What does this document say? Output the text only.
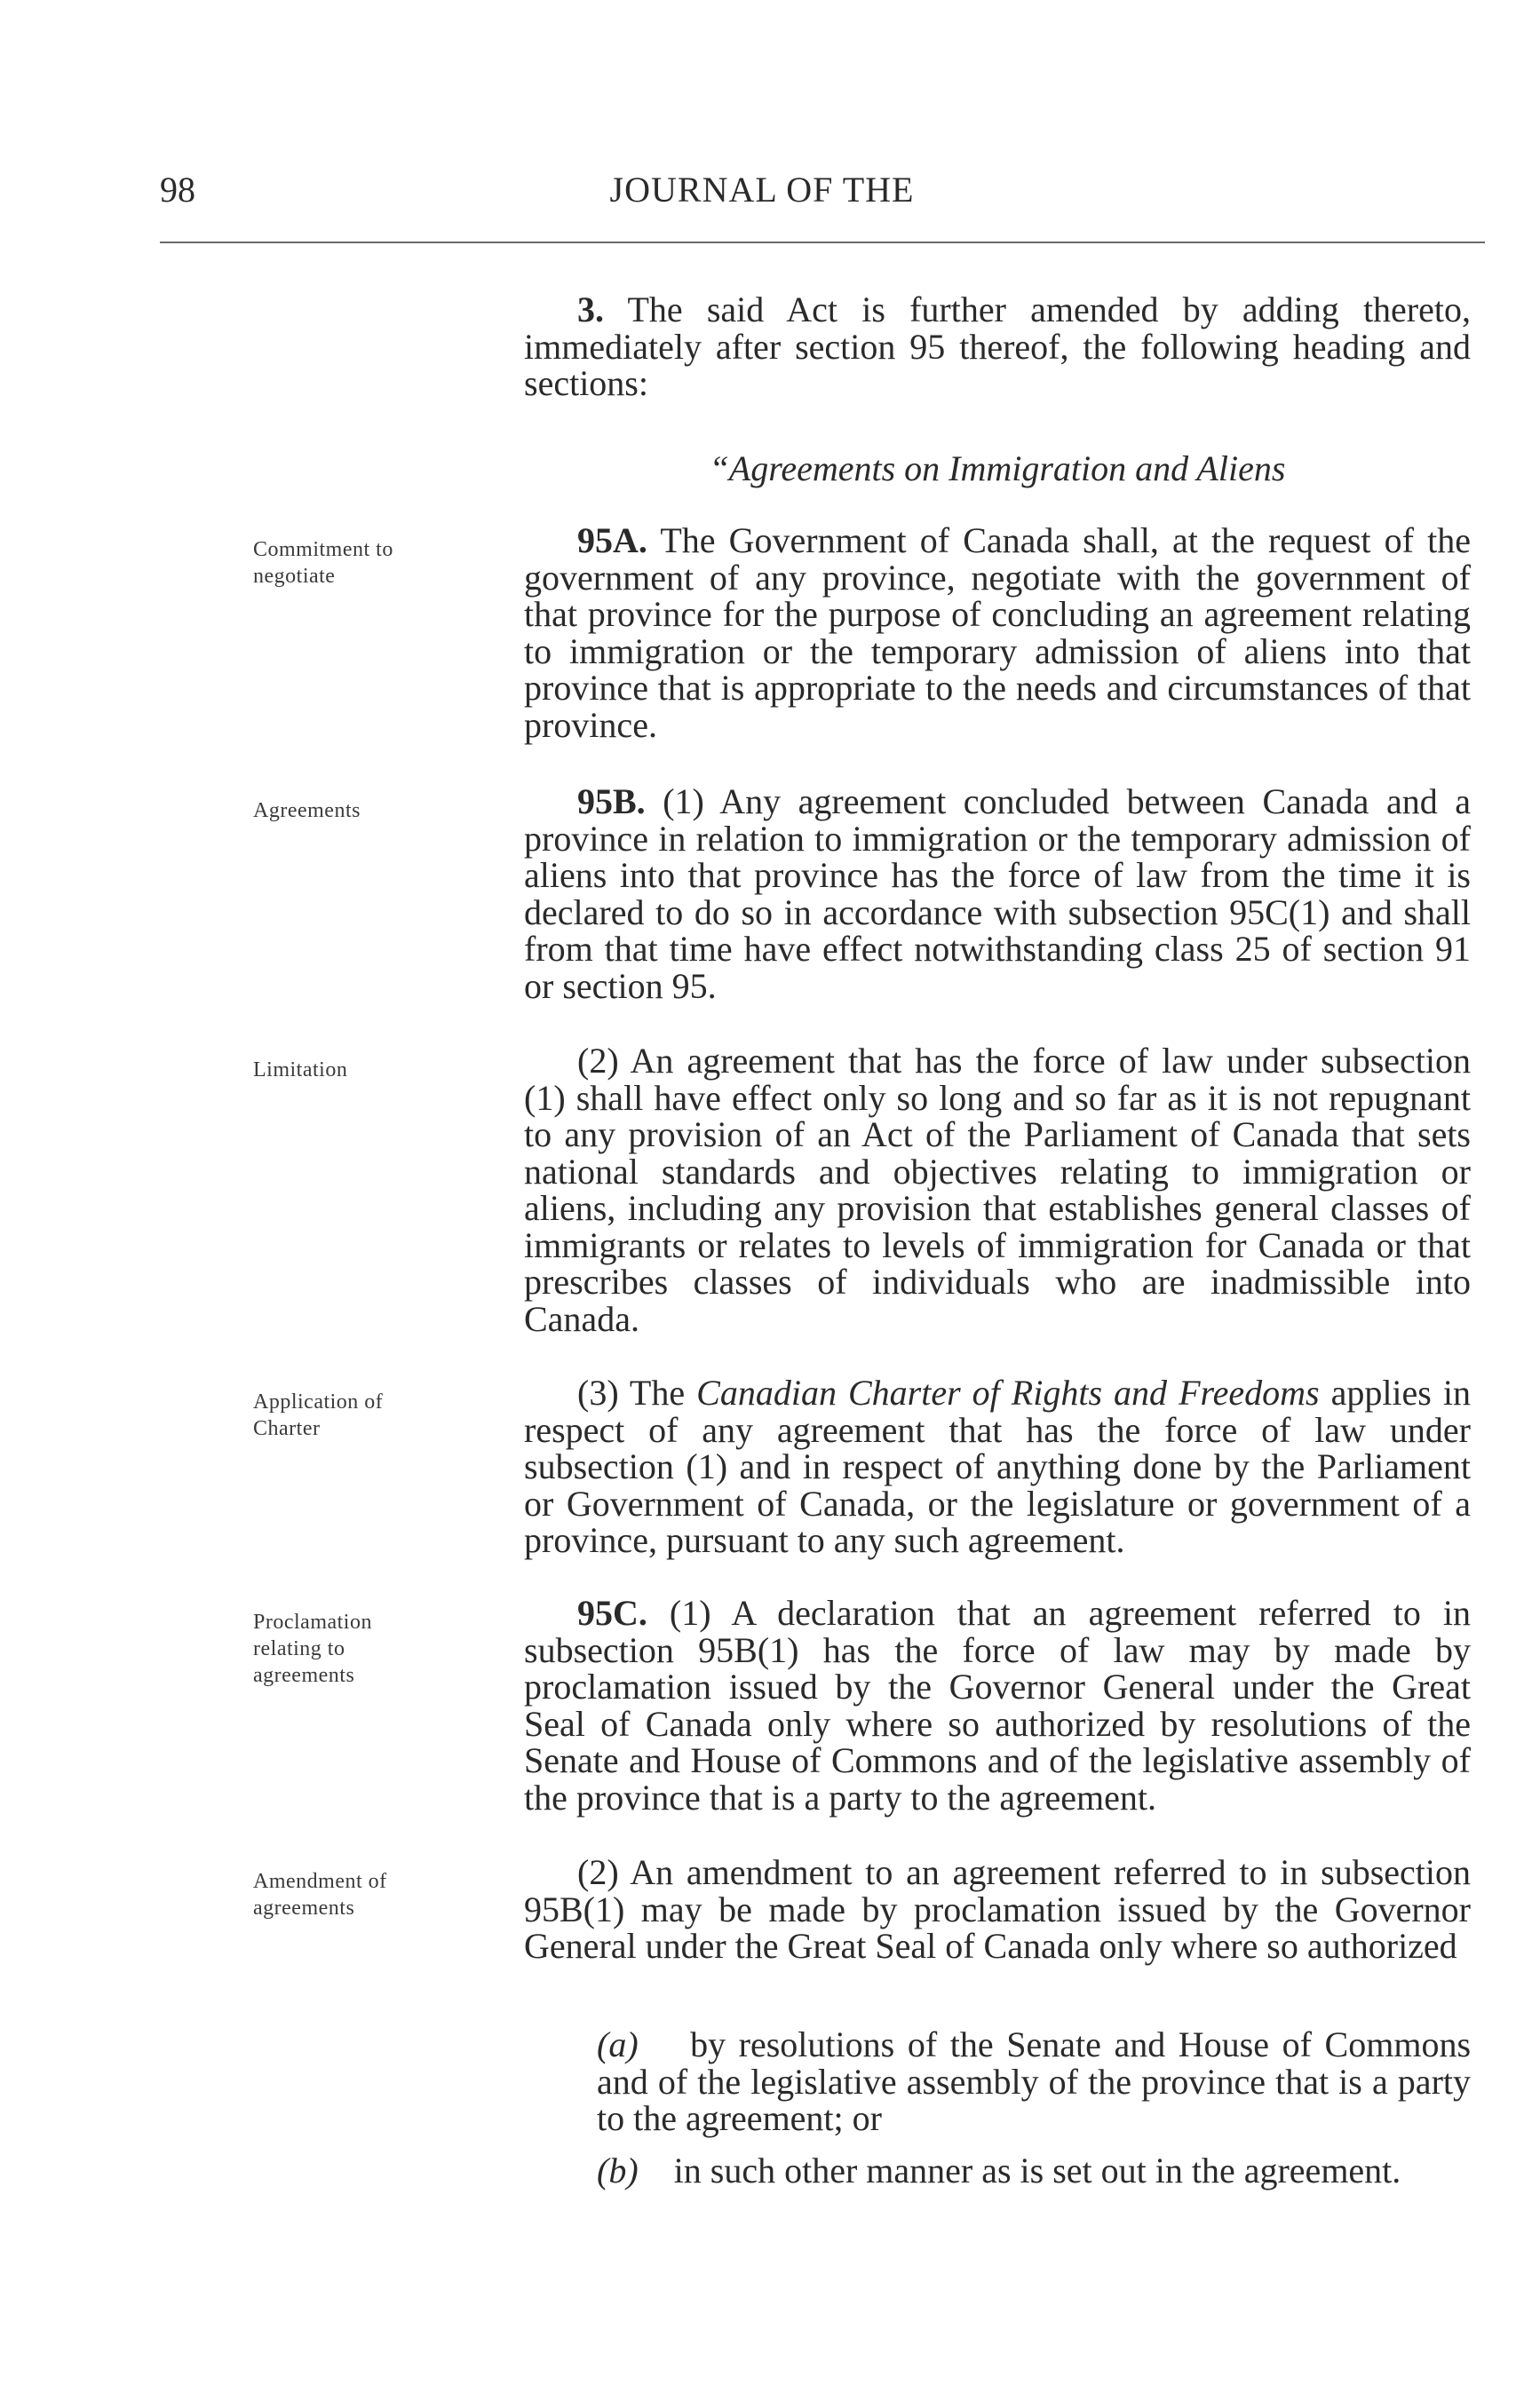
98	JOURNAL OF THE

3. The said Act is further amended by adding thereto, immediately after section 95 thereof, the following heading and sections:

“Agreements on Immigration and Aliens
Commitment to negotiate

95A. The Government of Canada shall, at the request of the government of any province, negotiate with the government of that province for the purpose of concluding an agreement relating to immigration or the temporary admission of aliens into that province that is appropriate to the needs and circumstances of that province.

Agreements	95B. (1) Any agreement concluded between Canada and a province in relation to immigration or the temporary admission of aliens into that province has the force of law from the time it is declared to do so in accordance with subsection 95C(1) and shall from that time have effect notwithstanding class 25 of section 91 or section 95.

Limitation	(2) An agreement that has the force of law under subsection (1) shall have effect only so long and so far as it is not repugnant to any provision of an Act of the Parliament of Canada that sets national standards and objectives relating to immigration or aliens, including any provision that establishes general classes of immigrants or relates to levels of immigration for Canada or that prescribes classes of individuals who are inadmissible into Canada.

Application of Charter

(3) The Canadian Charter of Rights and Freedoms applies in respect of any agreement that has the force of law under subsection (1) and in respect of anything done by the Parliament or Government of Canada, or the legislature or government of a province, pursuant to any such agreement.

Proclamation relating to agreements

95C. (1) A declaration that an agreement referred to in subsection 95B(1) has the force of law may by made by proclamation issued by the Governor General under the Great Seal of Canada only where so authorized by resolutions of the Senate and House of Commons and of the legislative assembly of the province that is a party to the agreement.

Amendment of agreements

(2) An amendment to an agreement referred to in subsection 95B(1) may be made by proclamation issued by the Governor General under the Great Seal of Canada only where so authorized

(a) by resolutions of the Senate and House of Commons and of the legislative assembly of the province that is a party to the agreement; or

(b) in such other manner as is set out in the agreement.
